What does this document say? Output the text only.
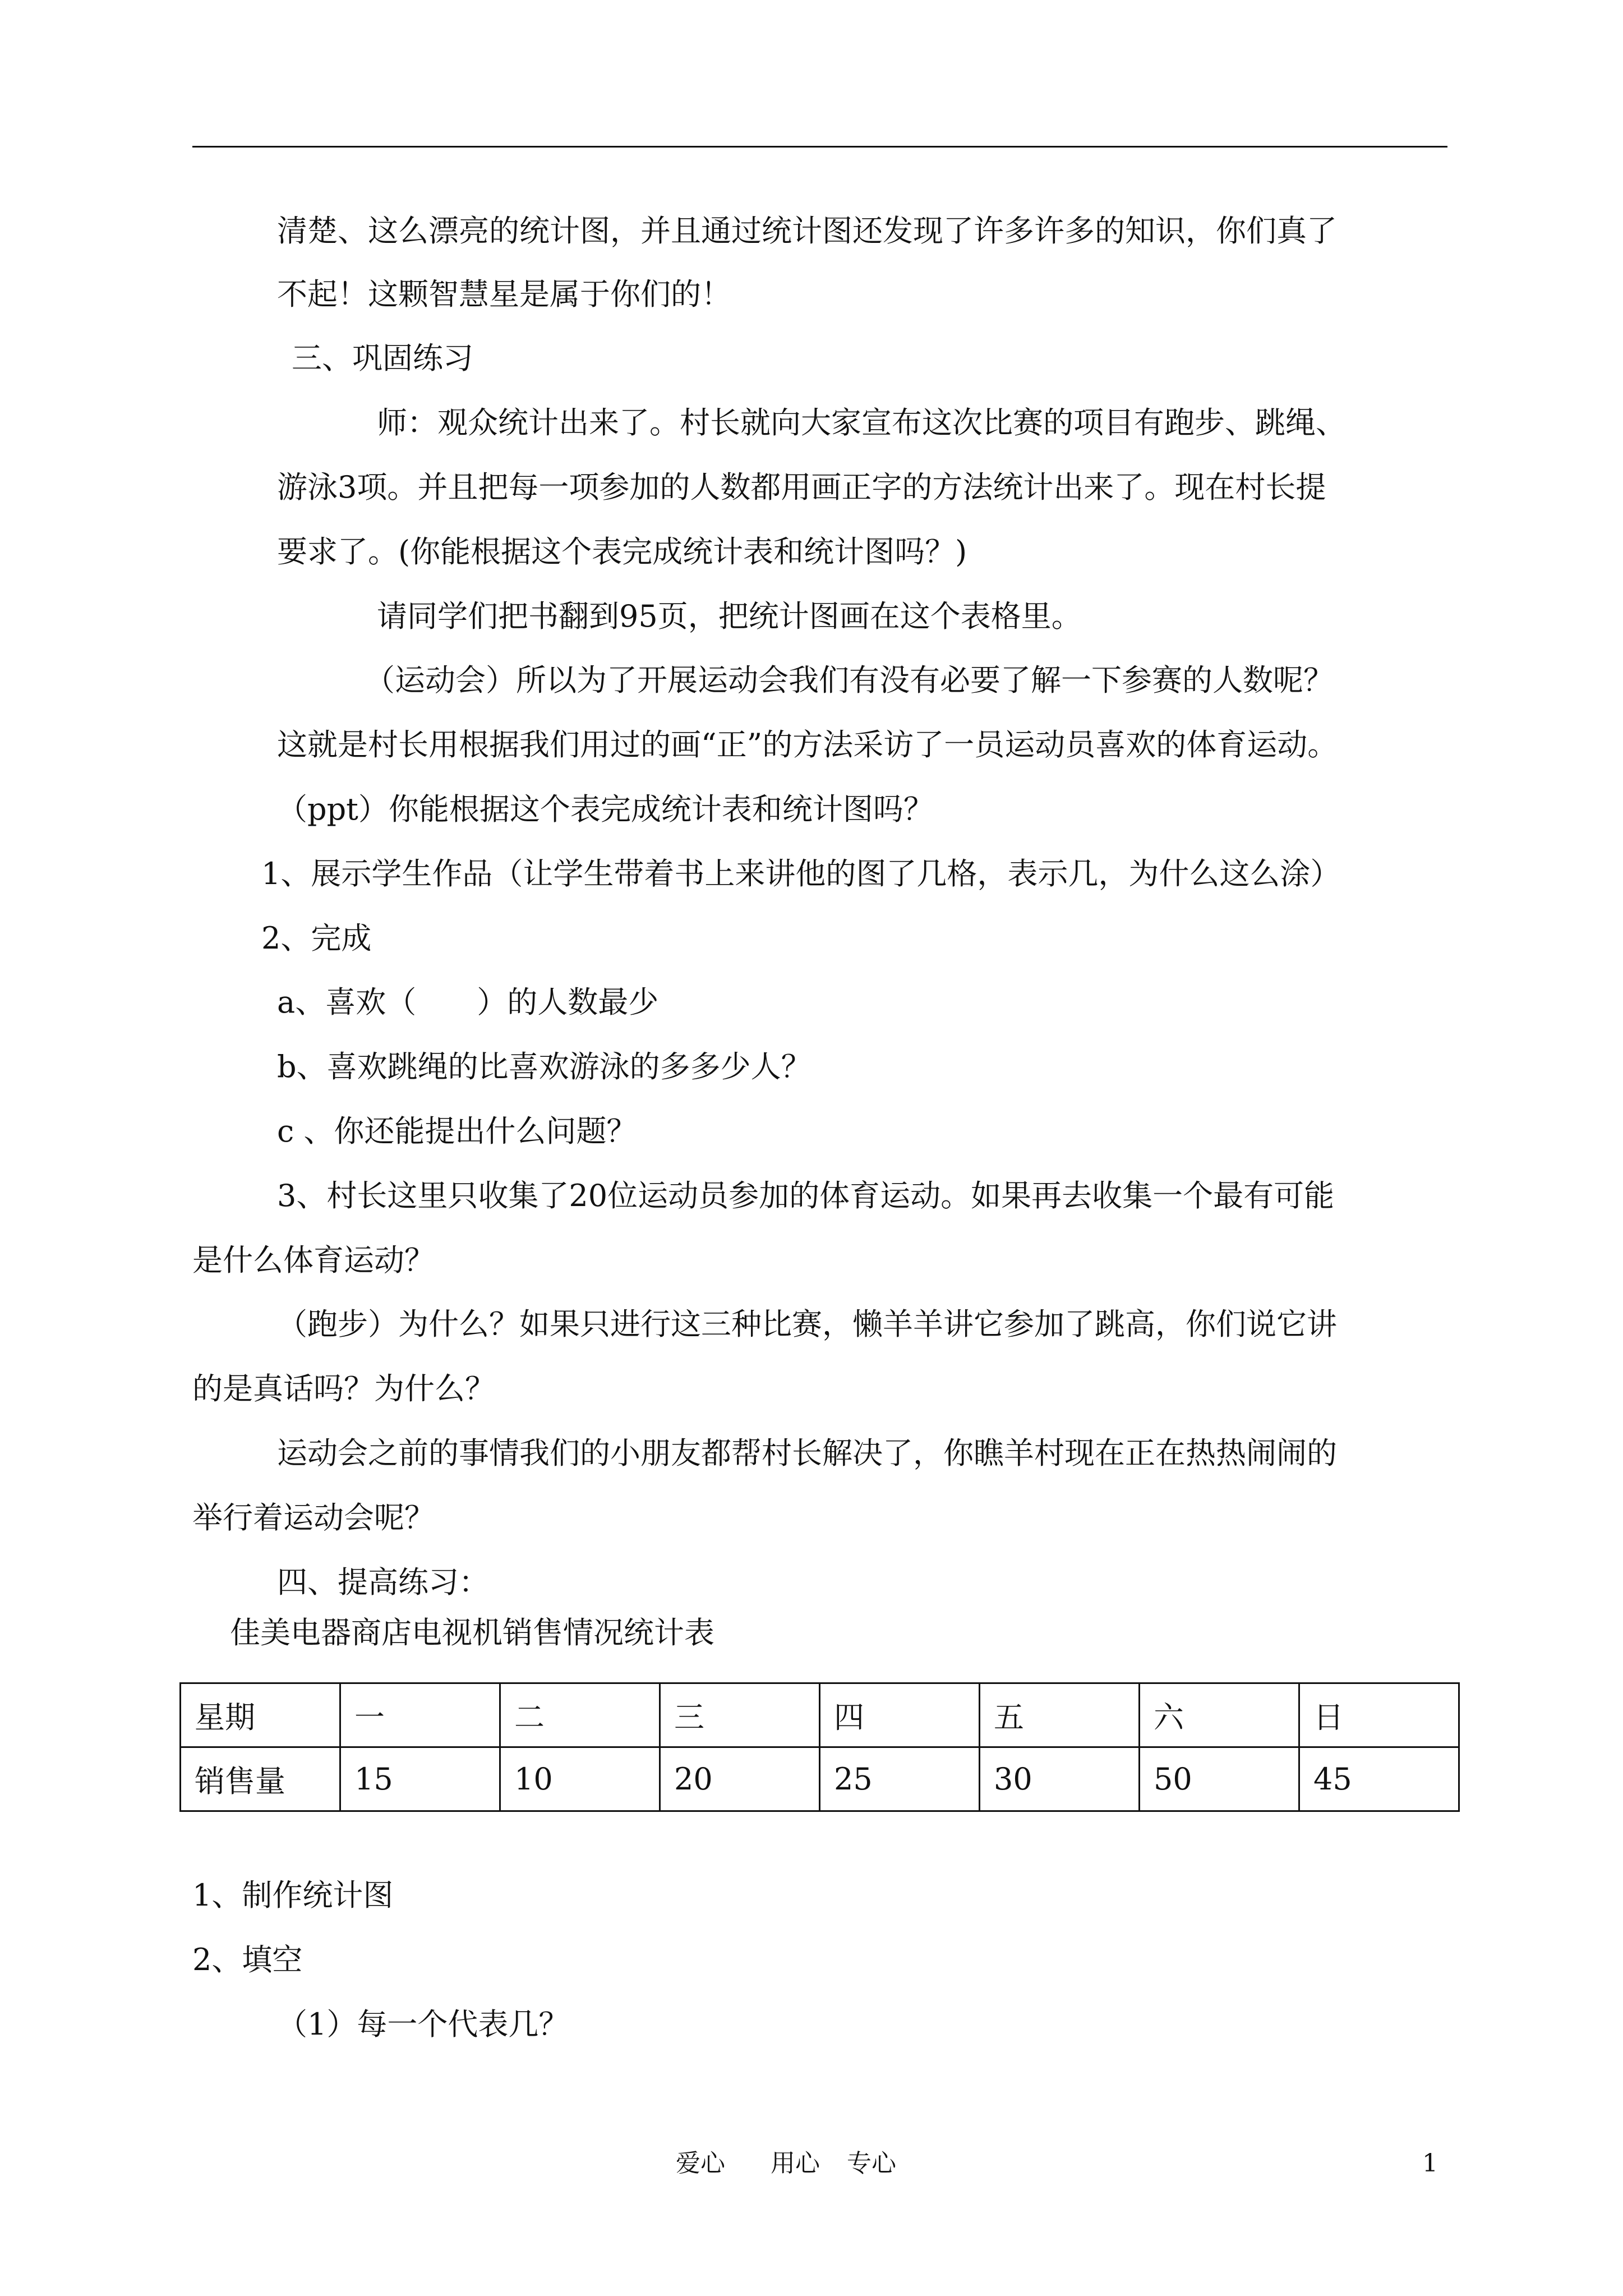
清楚、这么漂亮的统计图，并且通过统计图还发现了许多许多的知识，你们真了
不起！这颗智慧星是属于你们的！
三、巩固练习
师：观众统计出来了。村长就向大家宣布这次比赛的项目有跑步、跳绳、
游泳3项。并且把每一项参加的人数都用画正字的方法统计出来了。现在村长提
要求了。(你能根据这个表完成统计表和统计图吗？)
请同学们把书翻到95页，把统计图画在这个表格里。
（运动会）所以为了开展运动会我们有没有必要了解一下参赛的人数呢？
这就是村长用根据我们用过的画“正”的方法采访了一员运动员喜欢的体育运动。
（ppt）你能根据这个表完成统计表和统计图吗？
1、展示学生作品（让学生带着书上来讲他的图了几格，表示几，为什么这么涂）
2、完成
a、喜欢（　　）的人数最少
b、喜欢跳绳的比喜欢游泳的多多少人？
c 、你还能提出什么问题？
3、村长这里只收集了20位运动员参加的体育运动。如果再去收集一个最有可能
是什么体育运动？
（跑步）为什么？如果只进行这三种比赛，懒羊羊讲它参加了跳高，你们说它讲
的是真话吗？为什么？
运动会之前的事情我们的小朋友都帮村长解决了，你瞧羊村现在正在热热闹闹的
举行着运动会呢？
四、提高练习：
佳美电器商店电视机销售情况统计表
星期	一	二	三	四	五	六	日
销售量	15	10	20	25	30	50	45
1、制作统计图
2、填空
（1）每一个代表几？
爱心 用心 专心	1
